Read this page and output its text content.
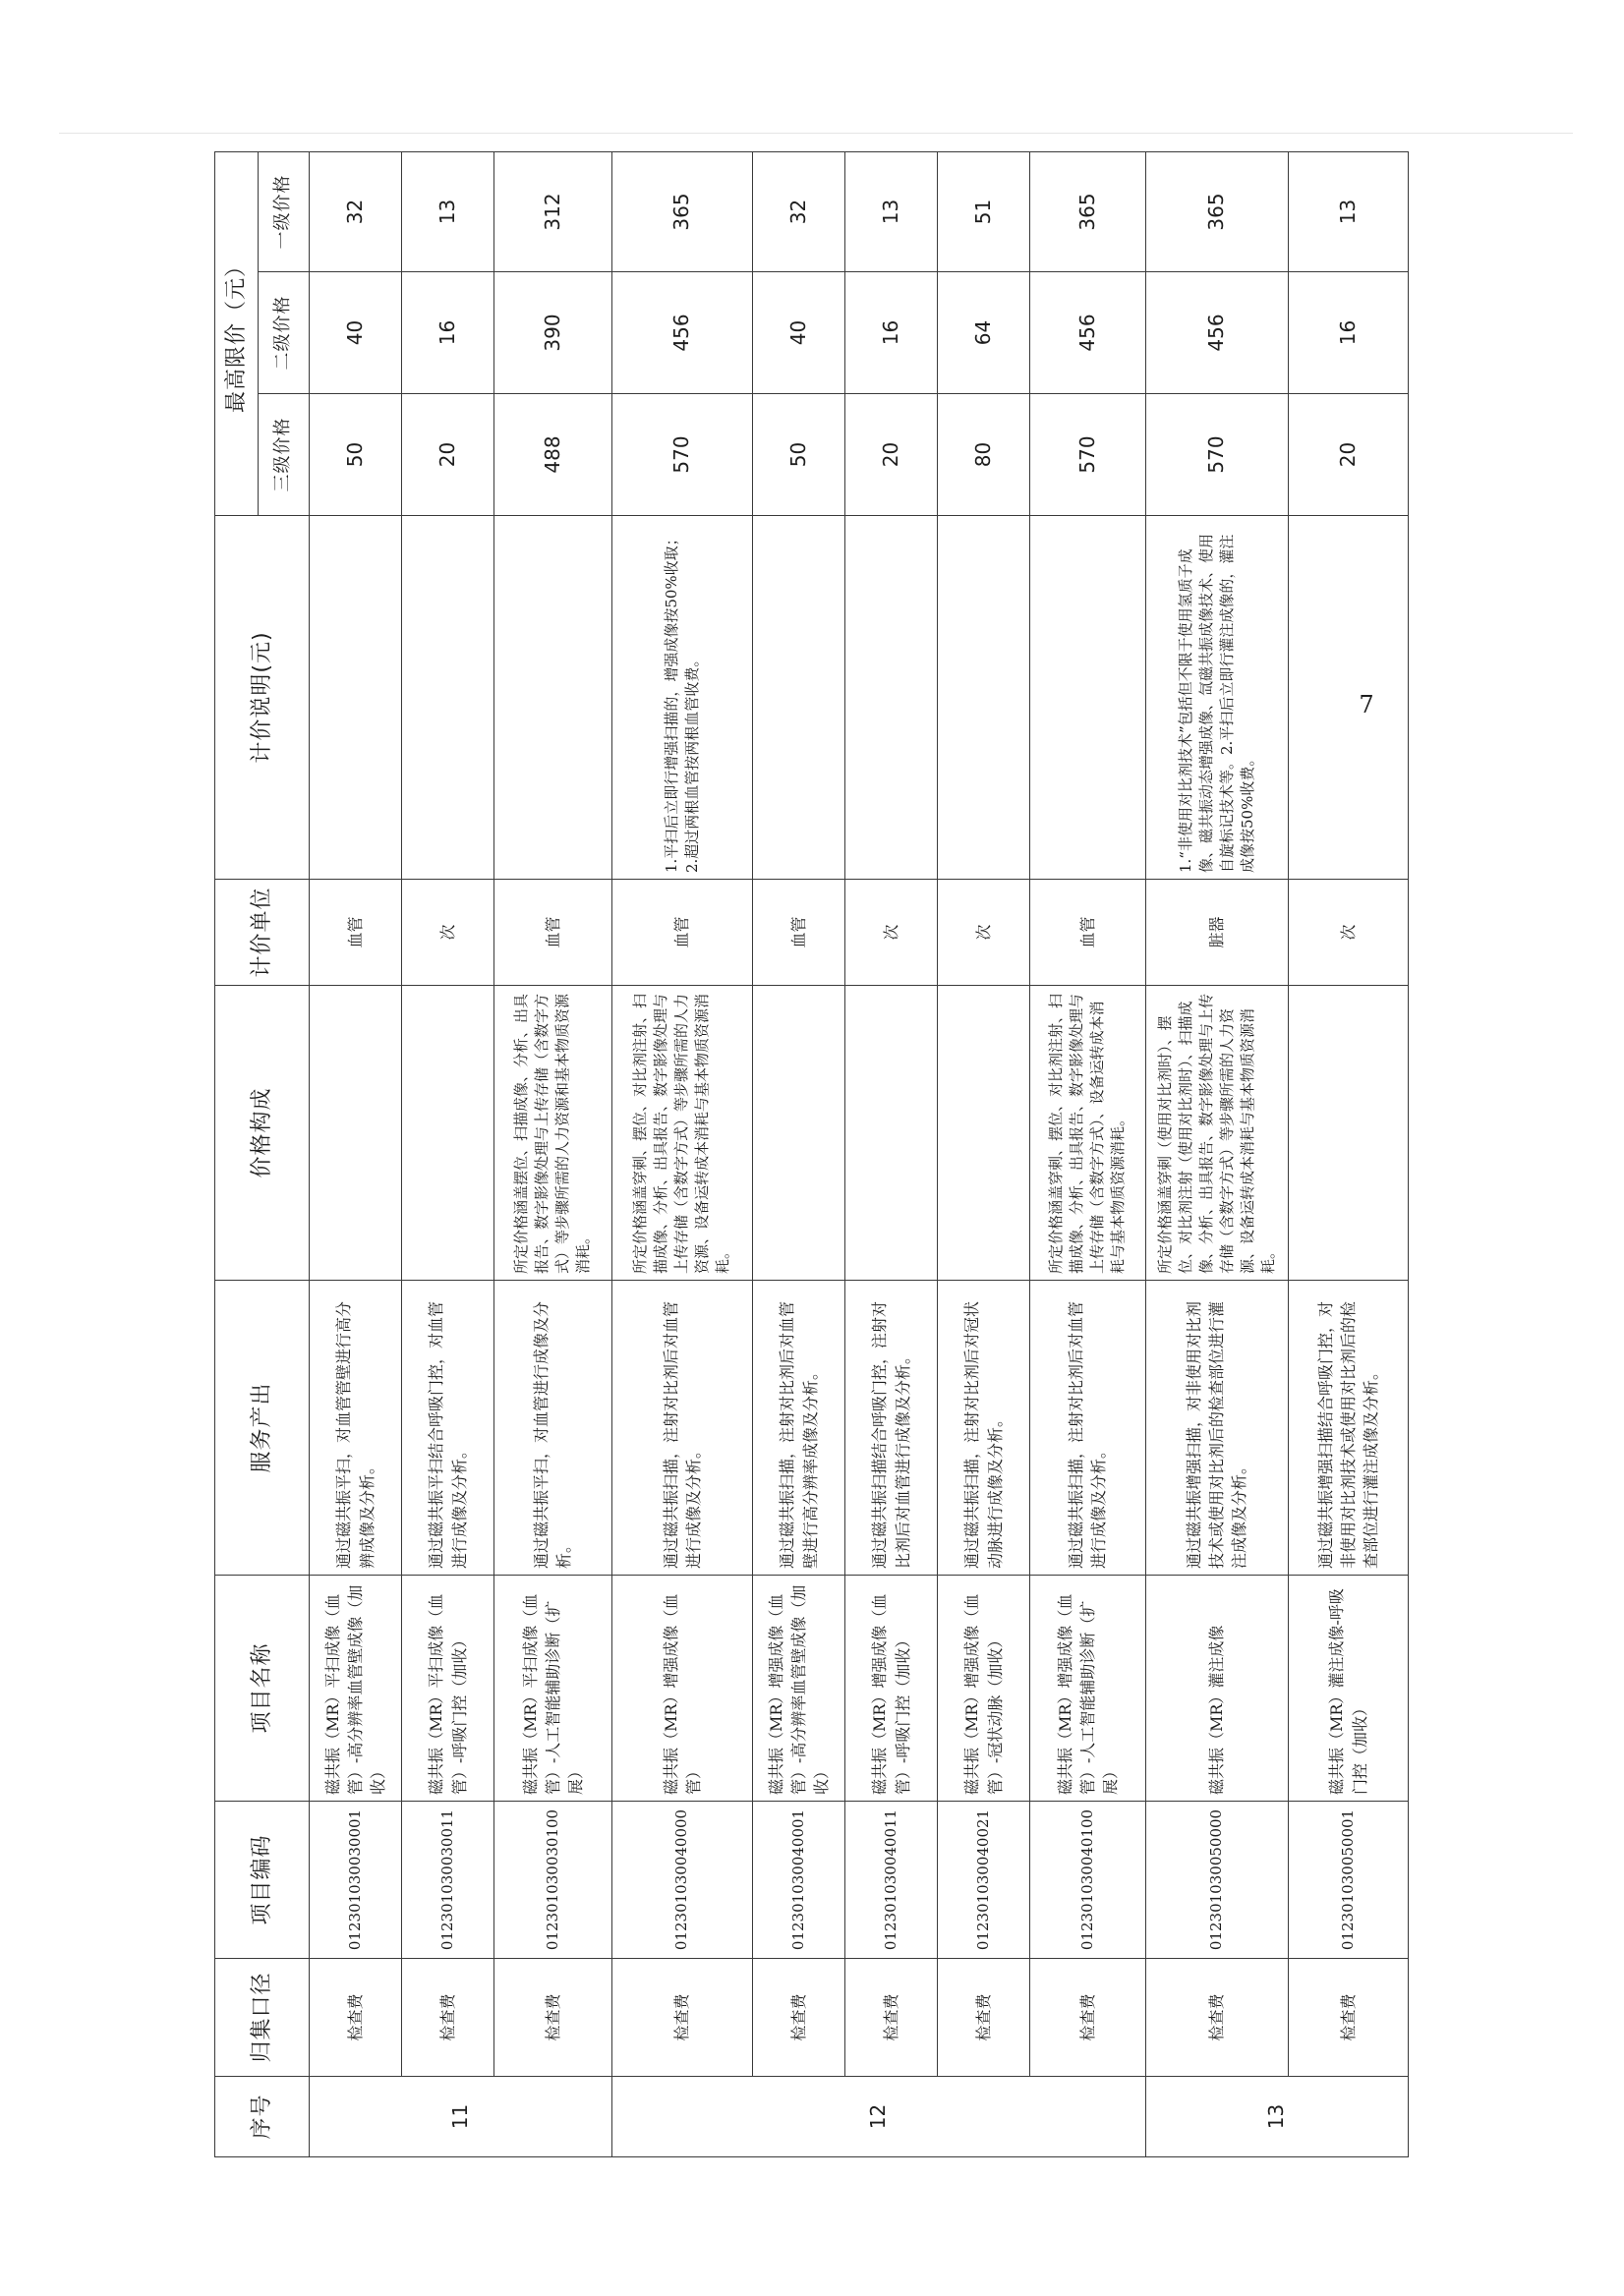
序号	归集口径	项目编码	项目名称	服务产出	价格构成	计价单位	计价说明(元)	最高限价（元）		
								三级价格	二级价格	一级价格
11	检查费	012301030030001	磁共振（MR）平扫成像（血管）-高分辨率血管壁成像（加收）	通过磁共振平扫，对血管管壁进行高分辨成像及分析。		血管		50	40	32
	检查费	012301030030011	磁共振（MR）平扫成像（血管）-呼吸门控（加收）	通过磁共振平扫结合呼吸门控，对血管进行成像及分析。		次		20	16	13
	检查费	012301030030100	磁共振（MR）平扫成像（血管）-人工智能辅助诊断（扩展）	通过磁共振平扫，对血管进行成像及分析。	所定价格涵盖摆位、扫描成像、分析、出具报告、数字影像处理与上传存储（含数字方式）等步骤所需的人力资源和基本物质资源消耗。	血管		488	390	312
12	检查费	012301030040000	磁共振（MR）增强成像（血管）	通过磁共振扫描，注射对比剂后对血管进行成像及分析。	所定价格涵盖穿刺、摆位、对比剂注射、扫描成像、分析、出具报告、数字影像处理与上传存储（含数字方式）等步骤所需的人力资源、设备运转成本消耗与基本物质资源消耗。	血管	1.平扫后立即行增强扫描的，增强成像按50%收取；2.超过两根血管按两根血管收费。	570	456	365
	检查费	012301030040001	磁共振（MR）增强成像（血管）-高分辨率血管壁成像（加收）	通过磁共振扫描，注射对比剂后对血管壁进行高分辨率成像及分析。		血管		50	40	32
	检查费	012301030040011	磁共振（MR）增强成像（血管）-呼吸门控（加收）	通过磁共振扫描结合呼吸门控，注射对比剂后对血管进行成像及分析。		次		20	16	13
	检查费	012301030040021	磁共振（MR）增强成像（血管）-冠状动脉（加收）	通过磁共振扫描，注射对比剂后对冠状动脉进行成像及分析。		次		80	64	51
	检查费	012301030040100	磁共振（MR）增强成像（血管）-人工智能辅助诊断（扩展）	通过磁共振扫描，注射对比剂后对血管进行成像及分析。	所定价格涵盖穿刺、摆位、对比剂注射、扫描成像、分析、出具报告、数字影像处理与上传存储（含数字方式）、设备运转成本消耗与基本物质资源消耗。	血管		570	456	365
13	检查费	012301030050000	磁共振（MR）灌注成像	通过磁共振增强扫描，对非使用对比剂技术或使用对比剂后的检查部位进行灌注成像及分析。	所定价格涵盖穿刺（使用对比剂时）、摆位、对比剂注射（使用对比剂时）、扫描成像、分析、出具报告、数字影像处理与上传存储（含数字方式）等步骤所需的人力资源、设备运转成本消耗与基本物质资源消耗。	脏器	1.“非使用对比剂技术”包括但不限于使用氢质子成像、磁共振动态增强成像、氙磁共振成像技术、使用自旋标记技术等。2.平扫后立即行灌注成像的，灌注成像按50%收费。	570	456	365
	检查费	012301030050001	磁共振（MR）灌注成像-呼吸门控（加收）	通过磁共振增强扫描结合呼吸门控，对非使用对比剂技术或使用对比剂后的检查部位进行灌注成像及分析。		次		20	16	13
7
